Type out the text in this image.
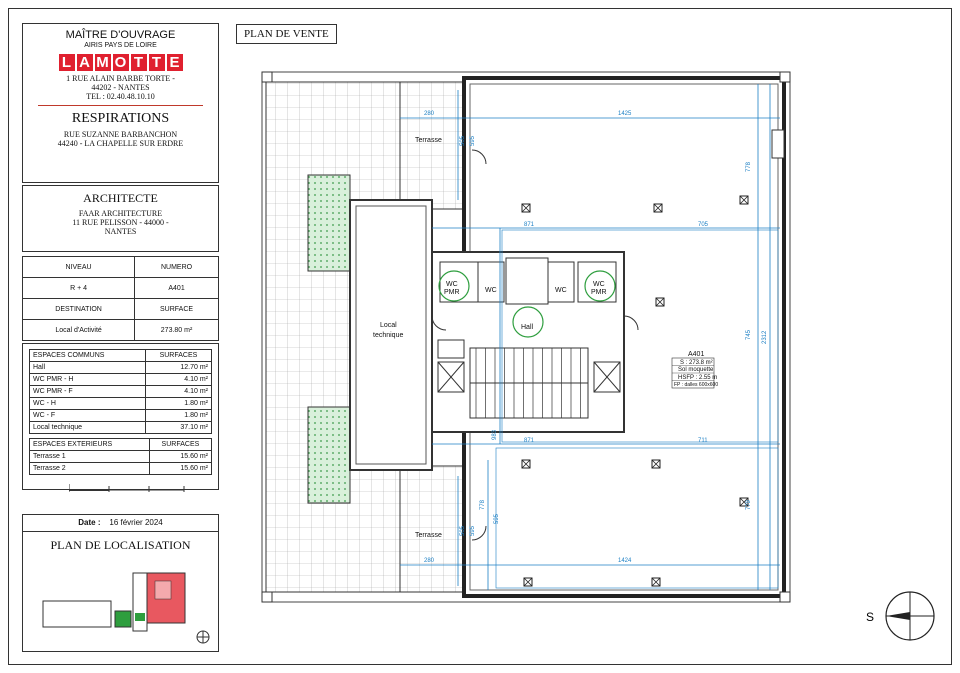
MAÎTRE D'OUVRAGE
AIRIS PAYS DE LOIRE
L A M O T T E
1 RUE ALAIN BARBE TORTE -
44202 - NANTES
TEL : 02.40.48.10.10
RESPIRATIONS
RUE SUZANNE BARBANCHON
44240 - LA CHAPELLE SUR ERDRE
ARCHITECTE
FAAR ARCHITECTURE
11 RUE PELISSON - 44000 -
NANTES
NIVEAU	NUMERO
R + 4	A401
DESTINATION	SURFACE
Local d'Activité	273.80 m²
ESPACES COMMUNS	SURFACES
Hall	12.70 m²
WC PMR - H	4.10 m²
WC PMR - F	4.10 m²
WC - H	1.80 m²
WC - F	1.80 m²
Local technique	37.10 m²
ESPACES EXTERIEURS	SURFACES
Terrasse 1	15.60 m²
Terrasse 2	15.60 m²
Date : 16 février 2024
PLAN DE LOCALISATION
PLAN DE VENTE
1425
1424
280
280
871	705
871	711
778
745 2312
779
595
595
983
778
595
505
505
Terrasse
Terrasse
Local
technique
WC
PMR	WC	WC
WC
PMR
Hall
A401
S : 273.8 m²
Sol moquette
HSFP : 2.55 m
FP : dalles 600x600
S
